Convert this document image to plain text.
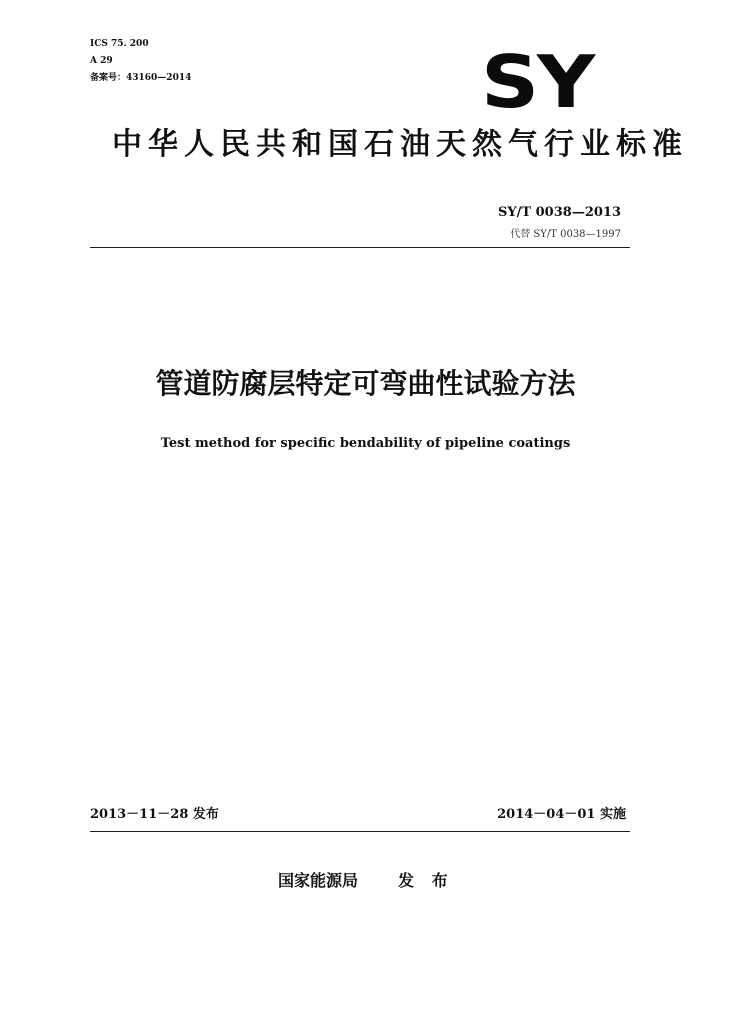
ICS 75. 200
A 29
备案号：43160—2014	SY
中华人民共和国石油天然气行业标准
SY/T 0038—2013
代替 SY/T 0038—1997
管道防腐层特定可弯曲性试验方法
Test method for specific bendability of pipeline coatings
2013－11－28 发布	2014－04－01 实施
国家能源局 发 布
